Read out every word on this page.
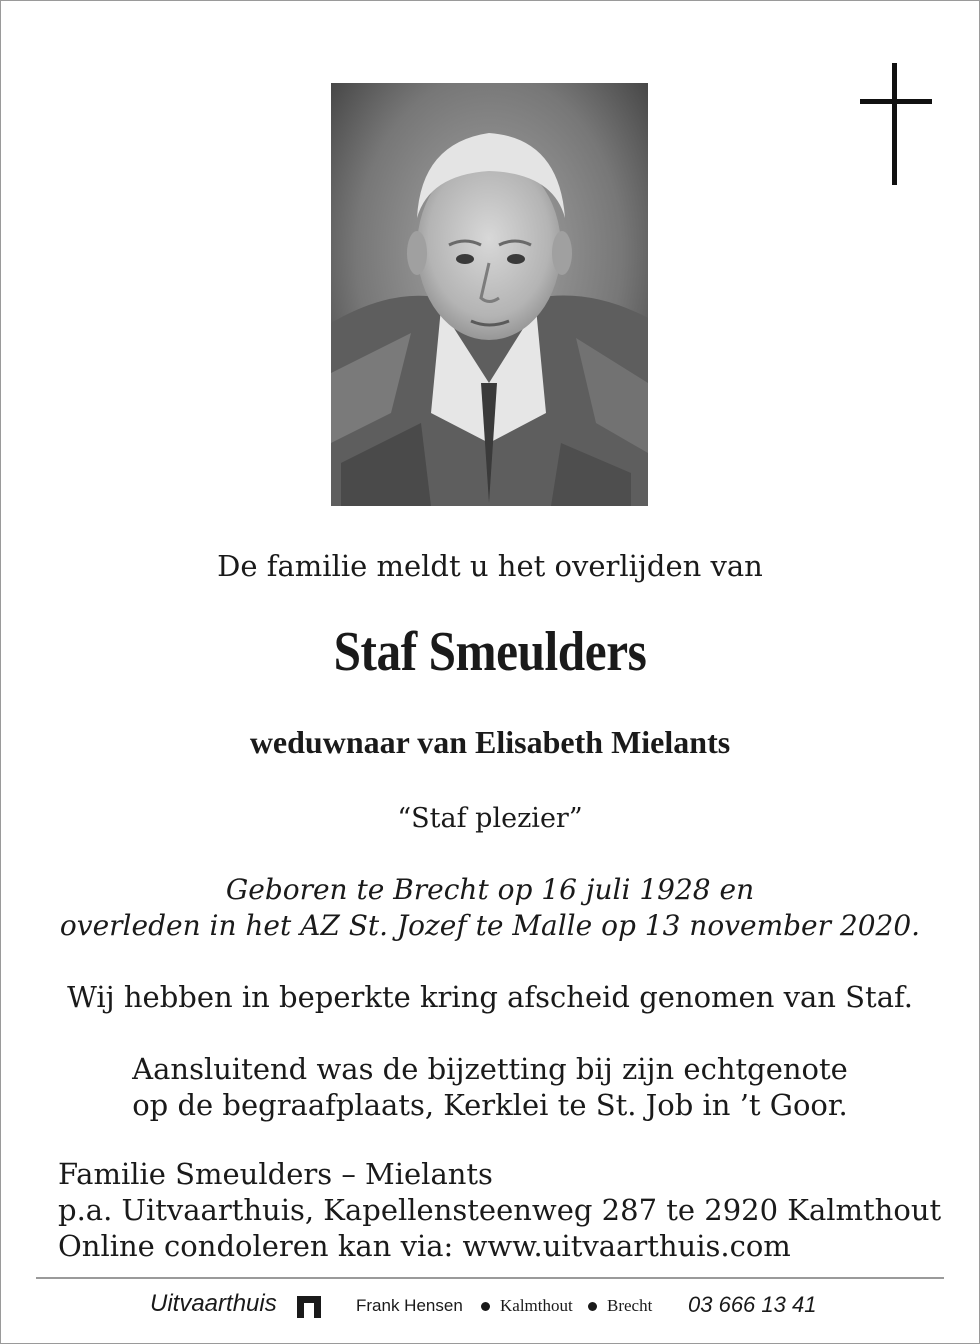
De familie meldt u het overlijden van
Staf Smeulders
weduwnaar van Elisabeth Mielants
“Staf plezier”
Geboren te Brecht op 16 juli 1928 en
overleden in het AZ St. Jozef te Malle op 13 november 2020.
Wij hebben in beperkte kring afscheid genomen van Staf.
Aansluitend was de bijzetting bij zijn echtgenote
op de begraafplaats, Kerklei te St. Job in ’t Goor.
Familie Smeulders – Mielants
p.a. Uitvaarthuis, Kapellensteenweg 287 te 2920 Kalmthout
Online condoleren kan via: www.uitvaarthuis.com
Uitvaarthuis	Frank Hensen Kalmthout Brecht 03 666 13 41
